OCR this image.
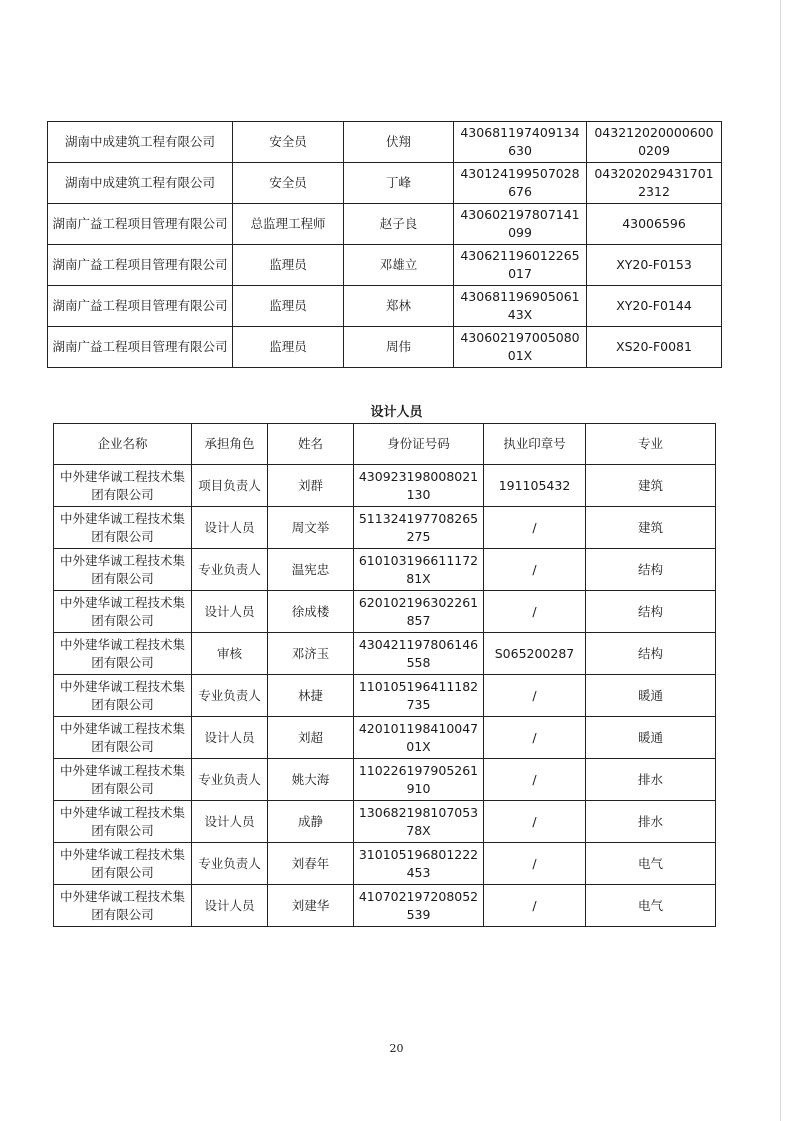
湖南中成建筑工程有限公司	安全员	伏翔	430681197409134630	0432120200006000209
湖南中成建筑工程有限公司	安全员	丁峰	430124199507028676	0432020294317012312
湖南广益工程项目管理有限公司	总监理工程师	赵子良	430602197807141099	43006596
湖南广益工程项目管理有限公司	监理员	邓雄立	430621196012265017	XY20-F0153
湖南广益工程项目管理有限公司	监理员	郑林	43068119690506143X	XY20-F0144
湖南广益工程项目管理有限公司	监理员	周伟	43060219700508001X	XS20-F0081
设计人员
企业名称	承担角色	姓名	身份证号码	执业印章号	专业
中外建华诚工程技术集团有限公司	项目负责人	刘群	430923198008021130	191105432	建筑
中外建华诚工程技术集团有限公司	设计人员	周文举	511324197708265275	/	建筑
中外建华诚工程技术集团有限公司	专业负责人	温宪忠	61010319661117281X	/	结构
中外建华诚工程技术集团有限公司	设计人员	徐成楼	620102196302261857	/	结构
中外建华诚工程技术集团有限公司	审核	邓济玉	430421197806146558	S065200287	结构
中外建华诚工程技术集团有限公司	专业负责人	林捷	110105196411182735	/	暖通
中外建华诚工程技术集团有限公司	设计人员	刘超	42010119841004701X	/	暖通
中外建华诚工程技术集团有限公司	专业负责人	姚大海	110226197905261910	/	排水
中外建华诚工程技术集团有限公司	设计人员	成静	13068219810705378X	/	排水
中外建华诚工程技术集团有限公司	专业负责人	刘春年	310105196801222453	/	电气
中外建华诚工程技术集团有限公司	设计人员	刘建华	410702197208052539	/	电气
20
